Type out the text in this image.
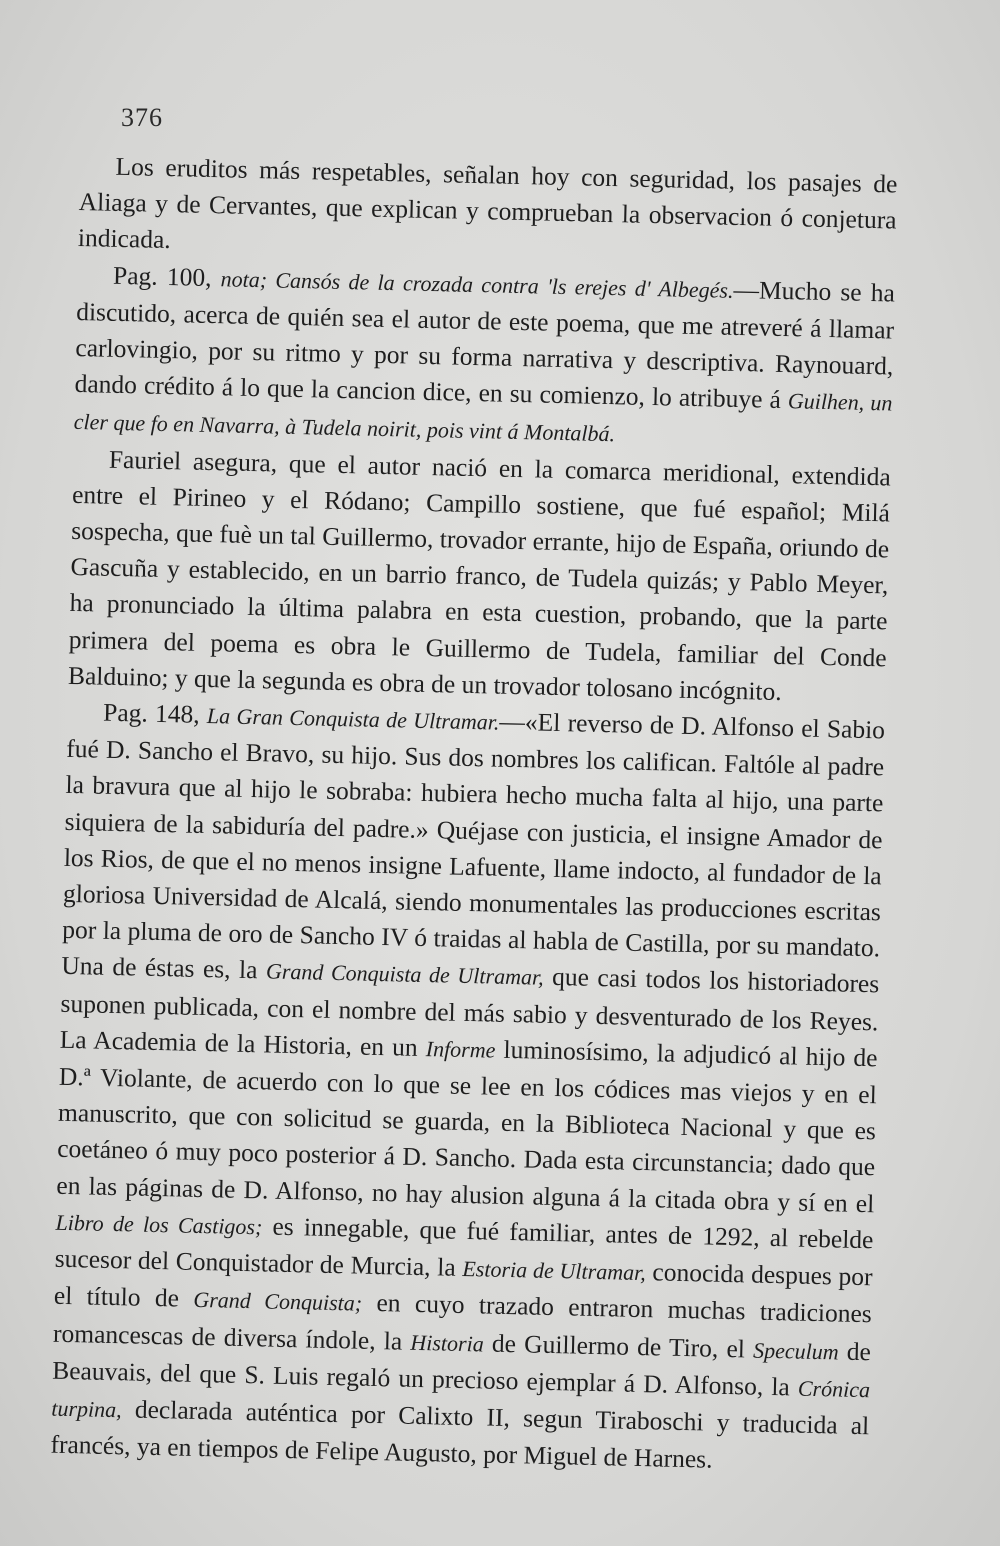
376

Los eruditos más respetables, señalan hoy con seguridad, los pasajes de Aliaga y de Cervantes, que explican y comprueban la observacion ó conjetura indicada.

Pag. 100, nota; Cansós de la crozada contra 'ls erejes d' Albegés.—Mucho se ha discutido, acerca de quién sea el autor de este poema, que me atreveré á llamar carlovingio, por su ritmo y por su forma narrativa y descriptiva. Raynouard, dando crédito á lo que la cancion dice, en su comienzo, lo atribuye á Guilhen, un cler que fo en Navarra, à Tudela noirit, pois vint á Montalbá.

Fauriel asegura, que el autor nació en la comarca meridional, extendida entre el Pirineo y el Ródano; Campillo sostiene, que fué español; Milá sospecha, que fuè un tal Guillermo, trovador errante, hijo de España, oriundo de Gascuña y establecido, en un barrio franco, de Tudela quizás; y Pablo Meyer, ha pronunciado la última palabra en esta cuestion, probando, que la parte primera del poema es obra le Guillermo de Tudela, familiar del Conde Balduino; y que la segunda es obra de un trovador tolosano incógnito.

Pag. 148, La Gran Conquista de Ultramar.—«El reverso de D. Alfonso el Sabio fué D. Sancho el Bravo, su hijo. Sus dos nombres los califican. Faltóle al padre la bravura que al hijo le sobraba: hubiera hecho mucha falta al hijo, una parte siquiera de la sabiduría del padre.» Quéjase con justicia, el insigne Amador de los Rios, de que el no menos insigne Lafuente, llame indocto, al fundador de la gloriosa Universidad de Alcalá, siendo monumentales las producciones escritas por la pluma de oro de Sancho IV ó traidas al habla de Castilla, por su mandato. Una de éstas es, la Grand Conquista de Ultramar, que casi todos los historiadores suponen publicada, con el nombre del más sabio y desventurado de los Reyes. La Academia de la Historia, en un Informe luminosísimo, la adjudicó al hijo de D.ª Violante, de acuerdo con lo que se lee en los códices mas viejos y en el manuscrito, que con solicitud se guarda, en la Biblioteca Nacional y que es coetáneo ó muy poco posterior á D. Sancho. Dada esta circunstancia; dado que en las páginas de D. Alfonso, no hay alusion alguna á la citada obra y sí en el Libro de los Castigos; es innegable, que fué familiar, antes de 1292, al rebelde sucesor del Conquistador de Murcia, la Estoria de Ultramar, conocida despues por el título de Grand Conquista; en cuyo trazado entraron muchas tradiciones romancescas de diversa índole, la Historia de Guillermo de Tiro, el Speculum de Beauvais, del que S. Luis regaló un precioso ejemplar á D. Alfonso, la Crónica turpina, declarada auténtica por Calixto II, segun Tiraboschi y traducida al francés, ya en tiempos de Felipe Augusto, por Miguel de Harnes.
